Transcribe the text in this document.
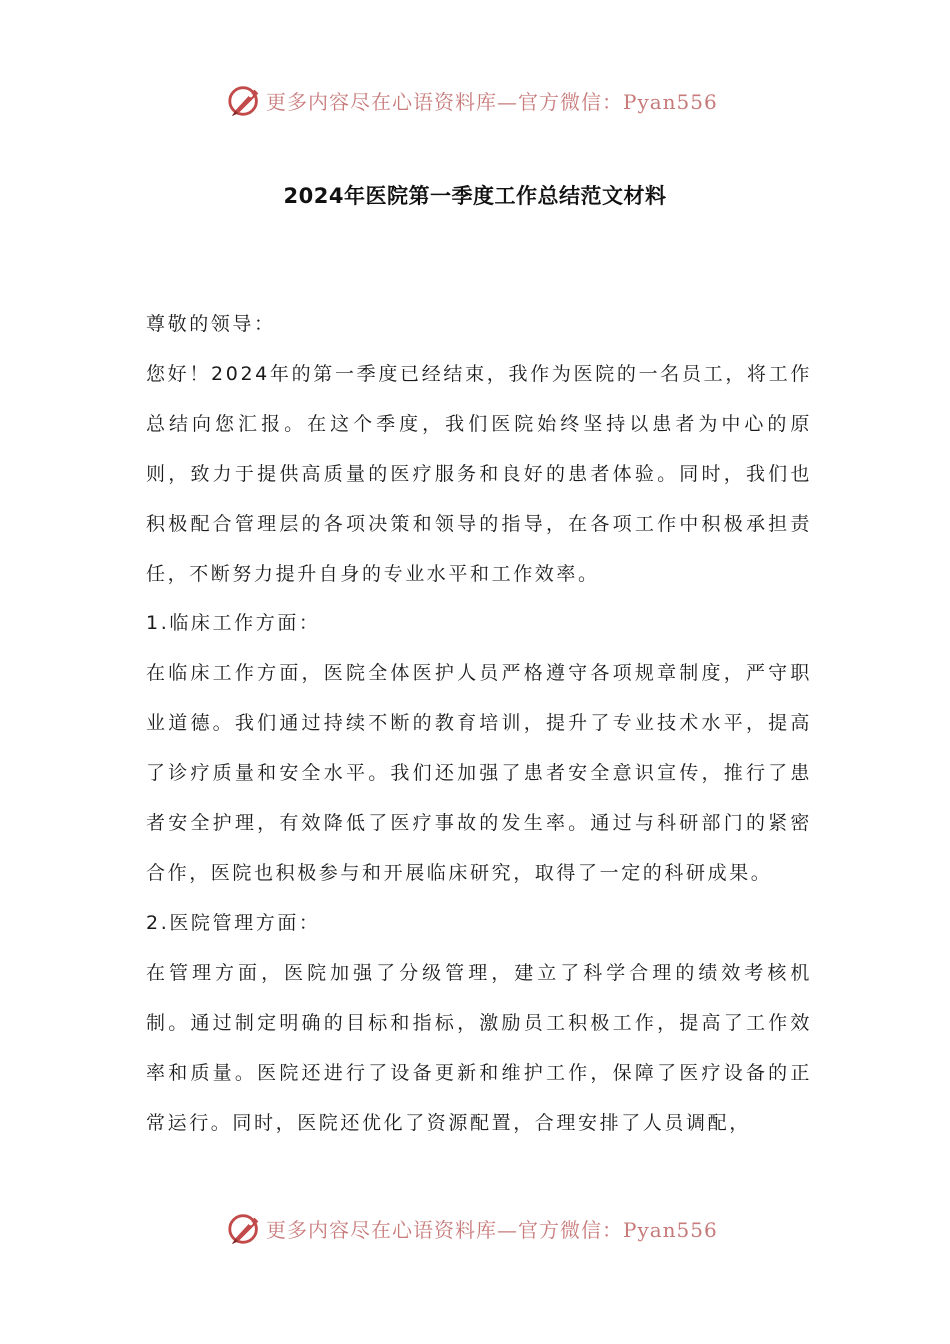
更多内容尽在心语资料库—官方微信：Pyan556
2024年医院第一季度工作总结范文材料

尊敬的领导：

您好！2024年的第一季度已经结束，我作为医院的一名员工，将工作总结向您汇报。在这个季度，我们医院始终坚持以患者为中心的原则，致力于提供高质量的医疗服务和良好的患者体验。同时，我们也积极配合管理层的各项决策和领导的指导，在各项工作中积极承担责任，不断努力提升自身的专业水平和工作效率。

1.临床工作方面：

在临床工作方面，医院全体医护人员严格遵守各项规章制度，严守职业道德。我们通过持续不断的教育培训，提升了专业技术水平，提高了诊疗质量和安全水平。我们还加强了患者安全意识宣传，推行了患者安全护理，有效降低了医疗事故的发生率。通过与科研部门的紧密合作，医院也积极参与和开展临床研究，取得了一定的科研成果。

2.医院管理方面：

在管理方面，医院加强了分级管理，建立了科学合理的绩效考核机制。通过制定明确的目标和指标，激励员工积极工作，提高了工作效率和质量。医院还进行了设备更新和维护工作，保障了医疗设备的正常运行。同时，医院还优化了资源配置，合理安排了人员调配，

更多内容尽在心语资料库—官方微信：Pyan556
